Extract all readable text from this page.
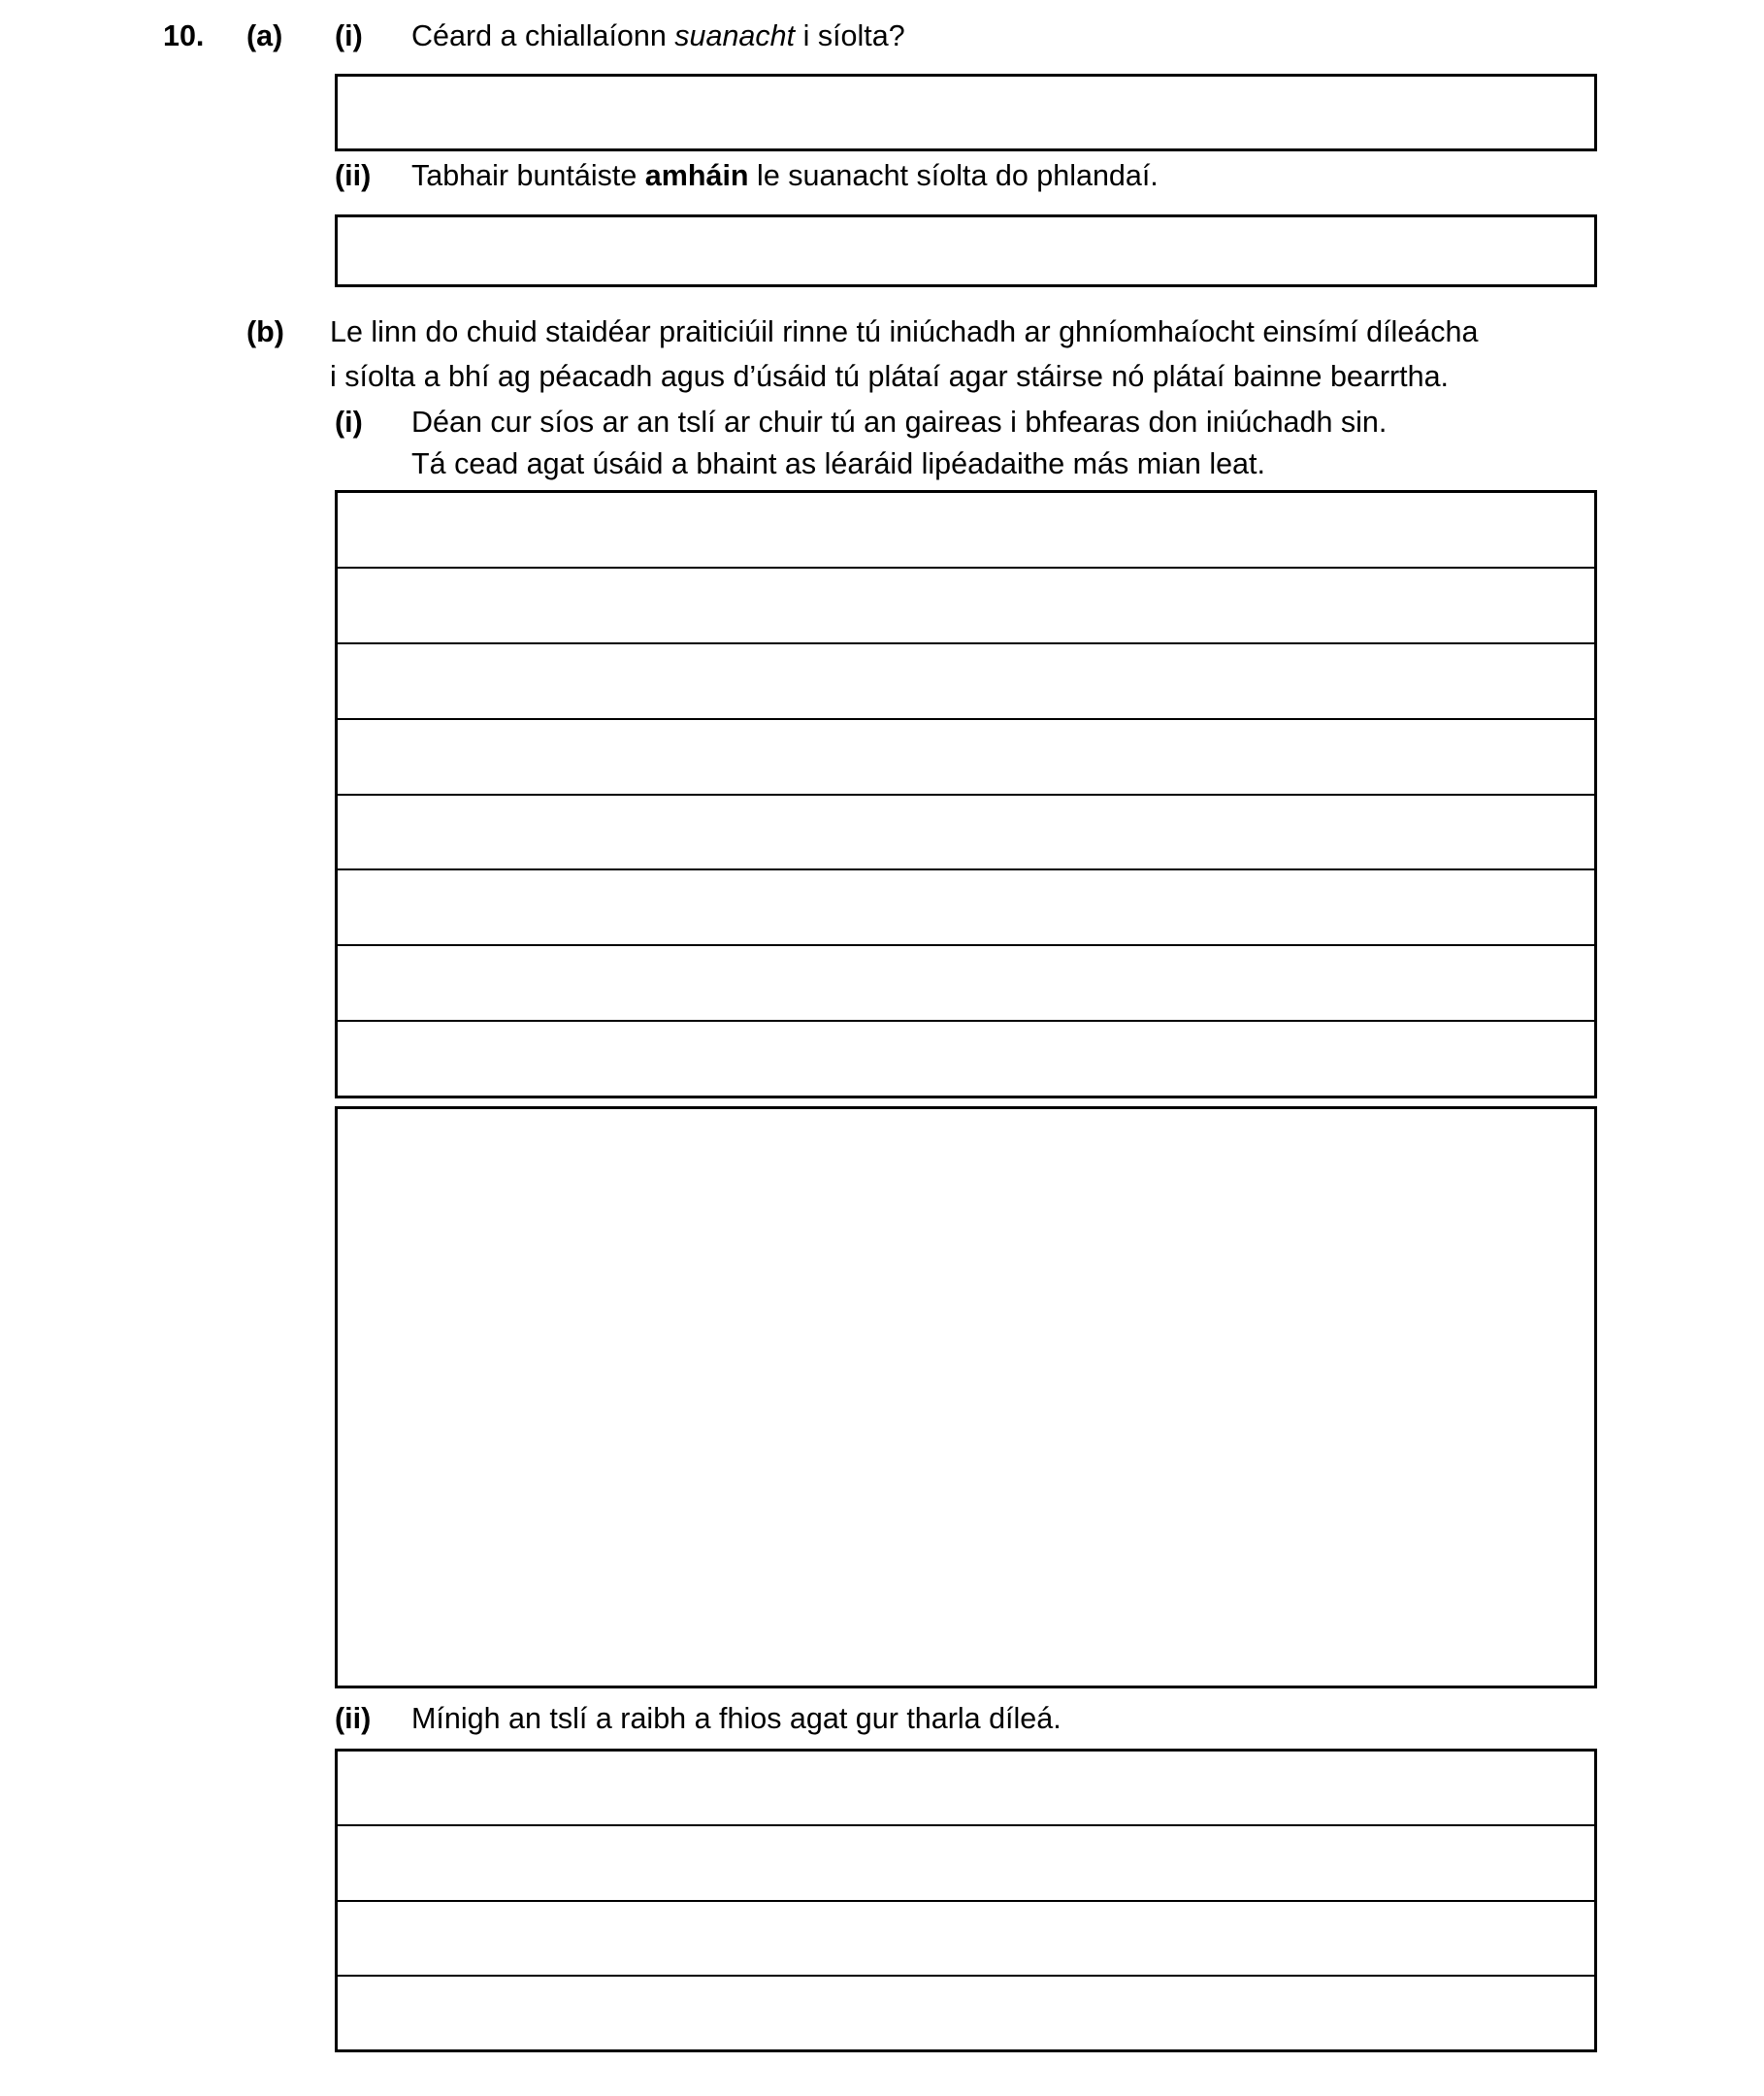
10. (a) (i) Céard a chiallaíonn suanacht i síolta?
(ii) Tabhair buntáiste amháin le suanacht síolta do phlandaí.
(b) Le linn do chuid staidéar praiticiúil rinne tú iniúchadh ar ghníomhaíocht einsímí díleácha
i síolta a bhí ag péacadh agus d’úsáid tú plátaí agar stáirse nó plátaí bainne bearrtha.
(i) Déan cur síos ar an tslí ar chuir tú an gaireas i bhfearas don iniúchadh sin.
Tá cead agat úsáid a bhaint as léaráid lipéadaithe más mian leat.
(ii) Mínigh an tslí a raibh a fhios agat gur tharla díleá.
